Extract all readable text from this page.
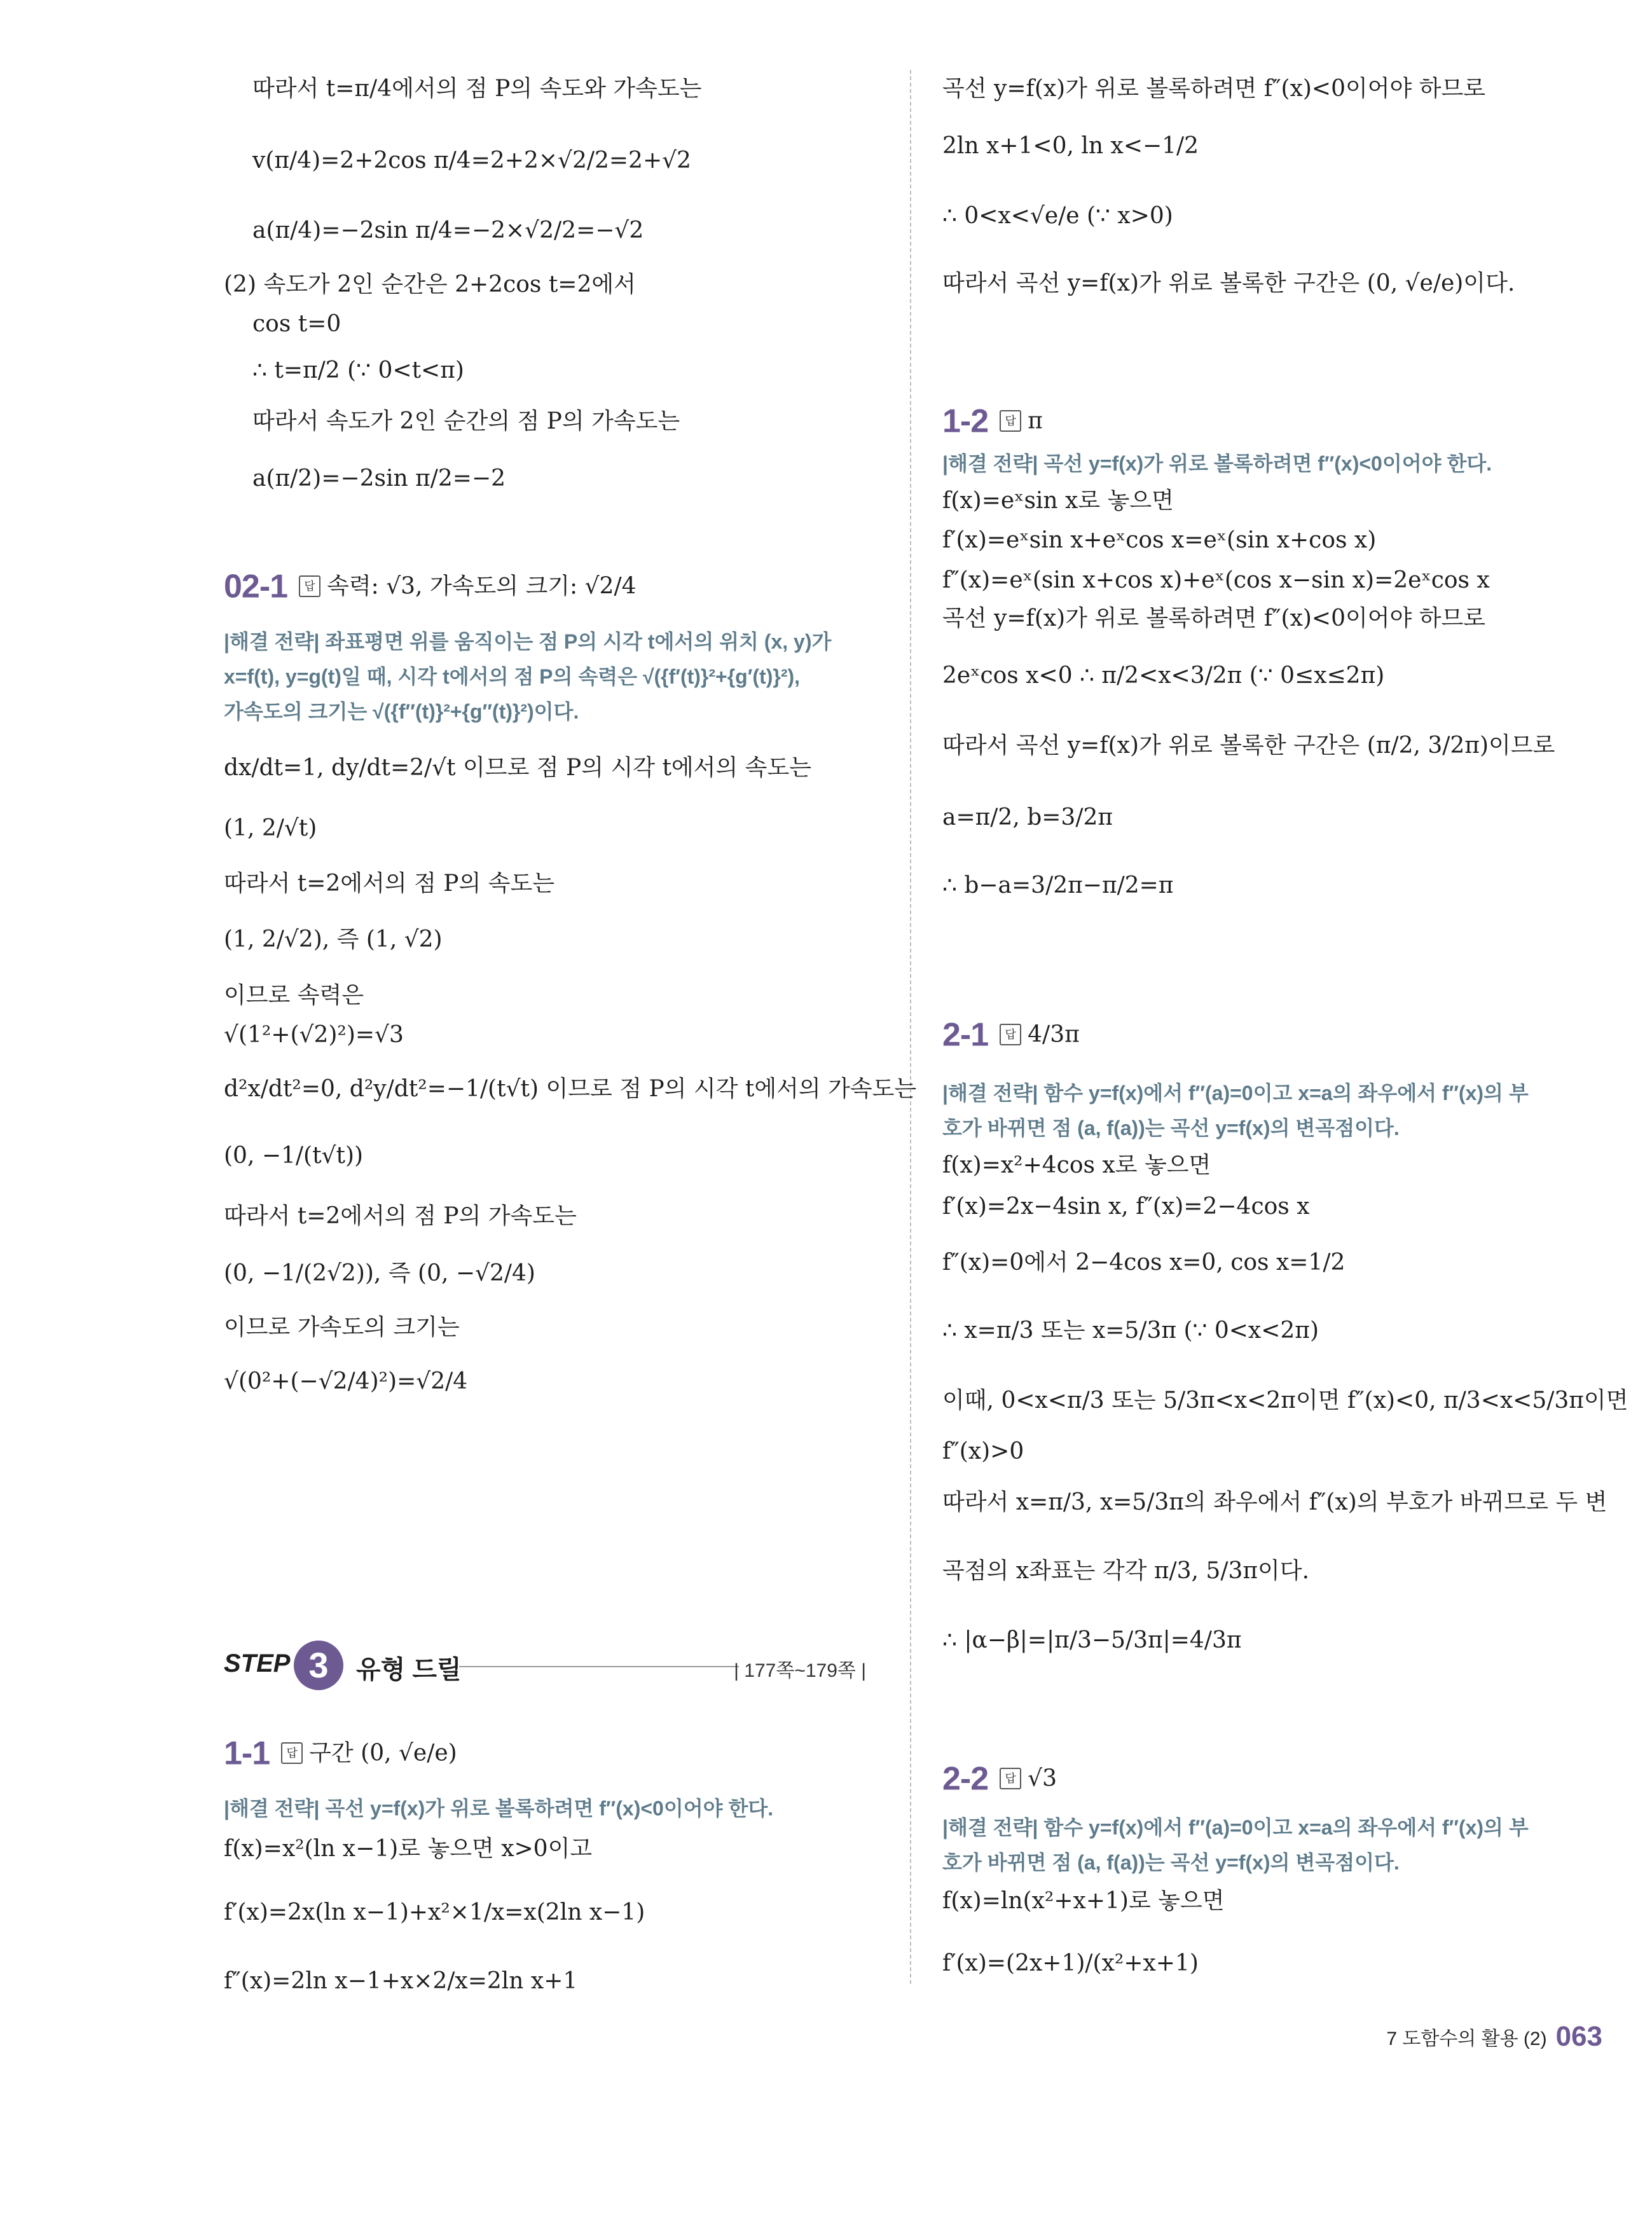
따라서 t=π/4에서의 점 P의 속도와 가속도는
v(π/4)=2+2cos π/4=2+2×√2/2=2+√2
a(π/4)=−2sin π/4=−2×√2/2=−√2
(2) 속도가 2인 순간은 2+2cos t=2에서
cos t=0
∴ t=π/2 (∵ 0<t<π)
따라서 속도가 2인 순간의 점 P의 가속도는
a(π/2)=−2sin π/2=−2
02-1 답 속력: √3, 가속도의 크기: √2/4
|해결 전략| 좌표평면 위를 움직이는 점 P의 시각 t에서의 위치 (x, y)가
x=f(t), y=g(t)일 때, 시각 t에서의 점 P의 속력은 √({f′(t)}²+{g′(t)}²),
가속도의 크기는 √({f″(t)}²+{g″(t)}²)이다.
dx/dt=1, dy/dt=2/√t 이므로 점 P의 시각 t에서의 속도는
(1, 2/√t)
따라서 t=2에서의 점 P의 속도는
(1, 2/√2), 즉 (1, √2)
이므로 속력은
√(1²+(√2)²)=√3
d²x/dt²=0, d²y/dt²=−1/(t√t) 이므로 점 P의 시각 t에서의 가속도는
(0, −1/(t√t))
따라서 t=2에서의 점 P의 가속도는
(0, −1/(2√2)), 즉 (0, −√2/4)
이므로 가속도의 크기는
√(0²+(−√2/4)²)=√2/4
STEP 3	유형 드릴	| 177쪽~179쪽 |
1-1 답 구간 (0, √e/e)
|해결 전략| 곡선 y=f(x)가 위로 볼록하려면 f″(x)<0이어야 한다.
f(x)=x²(ln x−1)로 놓으면 x>0이고
f′(x)=2x(ln x−1)+x²×1/x=x(2ln x−1)
f″(x)=2ln x−1+x×2/x=2ln x+1
곡선 y=f(x)가 위로 볼록하려면 f″(x)<0이어야 하므로
2ln x+1<0, ln x<−1/2
∴ 0<x<√e/e (∵ x>0)
따라서 곡선 y=f(x)가 위로 볼록한 구간은 (0, √e/e)이다.
1-2 답 π
|해결 전략| 곡선 y=f(x)가 위로 볼록하려면 f″(x)<0이어야 한다.
f(x)=eˣsin x로 놓으면
f′(x)=eˣsin x+eˣcos x=eˣ(sin x+cos x)
f″(x)=eˣ(sin x+cos x)+eˣ(cos x−sin x)=2eˣcos x
곡선 y=f(x)가 위로 볼록하려면 f″(x)<0이어야 하므로
2eˣcos x<0 ∴ π/2<x<3/2π (∵ 0≤x≤2π)
따라서 곡선 y=f(x)가 위로 볼록한 구간은 (π/2, 3/2π)이므로
a=π/2, b=3/2π
∴ b−a=3/2π−π/2=π
2-1 답 4/3π
|해결 전략| 함수 y=f(x)에서 f″(a)=0이고 x=a의 좌우에서 f″(x)의 부
호가 바뀌면 점 (a, f(a))는 곡선 y=f(x)의 변곡점이다.
f(x)=x²+4cos x로 놓으면
f′(x)=2x−4sin x, f″(x)=2−4cos x
f″(x)=0에서 2−4cos x=0, cos x=1/2
∴ x=π/3 또는 x=5/3π (∵ 0<x<2π)
이때, 0<x<π/3 또는 5/3π<x<2π이면 f″(x)<0, π/3<x<5/3π이면
f″(x)>0
따라서 x=π/3, x=5/3π의 좌우에서 f″(x)의 부호가 바뀌므로 두 변
곡점의 x좌표는 각각 π/3, 5/3π이다.
∴ |α−β|=|π/3−5/3π|=4/3π
2-2 답 √3
|해결 전략| 함수 y=f(x)에서 f″(a)=0이고 x=a의 좌우에서 f″(x)의 부
호가 바뀌면 점 (a, f(a))는 곡선 y=f(x)의 변곡점이다.
f(x)=ln(x²+x+1)로 놓으면
f′(x)=(2x+1)/(x²+x+1)
7 도함수의 활용 (2) 063
